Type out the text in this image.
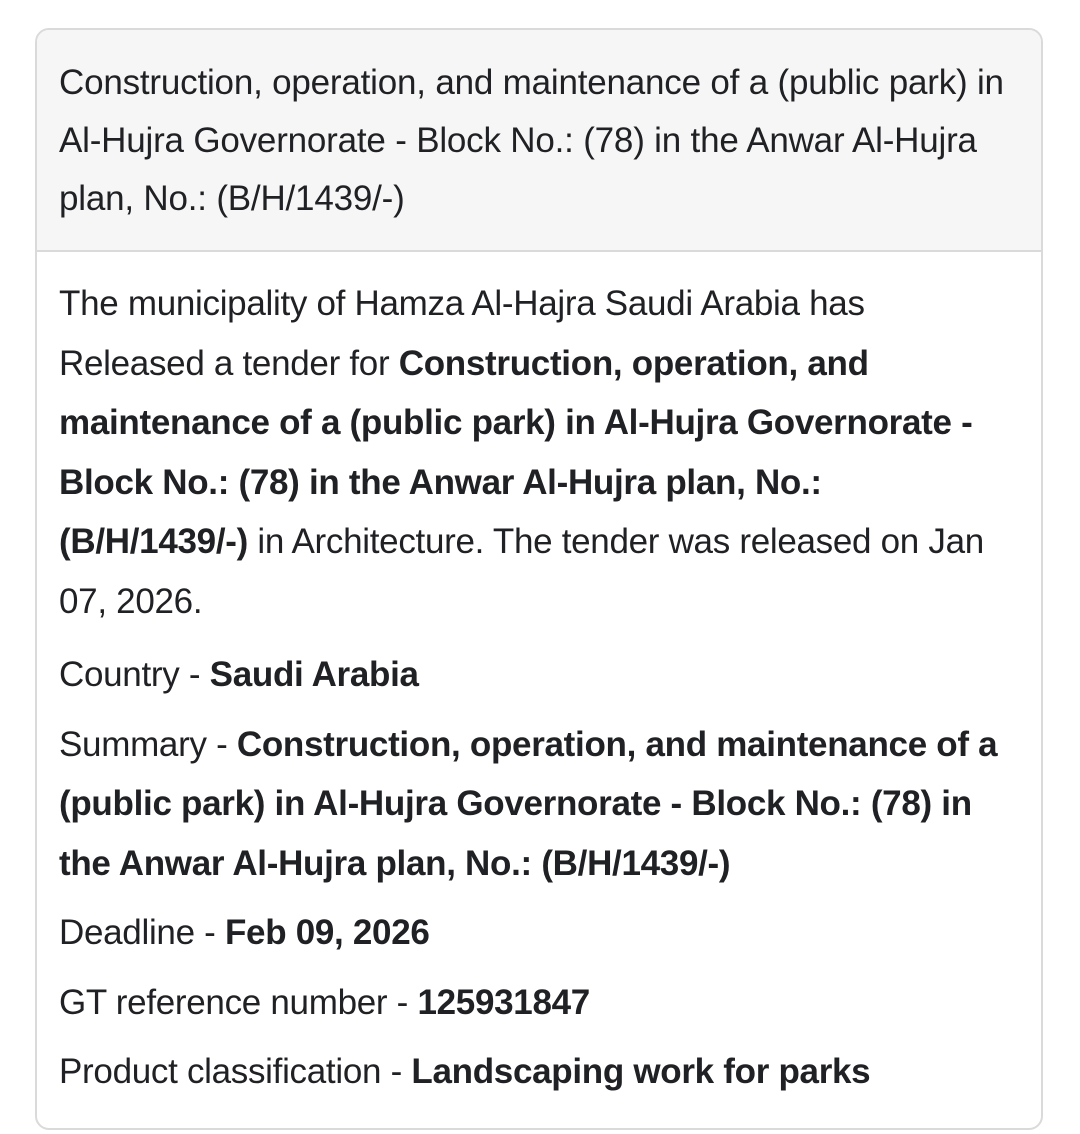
Construction, operation, and maintenance of a (public park) in Al-Hujra Governorate - Block No.: (78) in the Anwar Al-Hujra plan, No.: (B/H/1439/-)

The municipality of Hamza Al-Hajra Saudi Arabia has Released a tender for Construction, operation, and maintenance of a (public park) in Al-Hujra Governorate - Block No.: (78) in the Anwar Al-Hujra plan, No.: (B/H/1439/-) in Architecture. The tender was released on Jan 07, 2026.

Country - Saudi Arabia

Summary - Construction, operation, and maintenance of a (public park) in Al-Hujra Governorate - Block No.: (78) in the Anwar Al-Hujra plan, No.: (B/H/1439/-)

Deadline - Feb 09, 2026

GT reference number - 125931847

Product classification - Landscaping work for parks
